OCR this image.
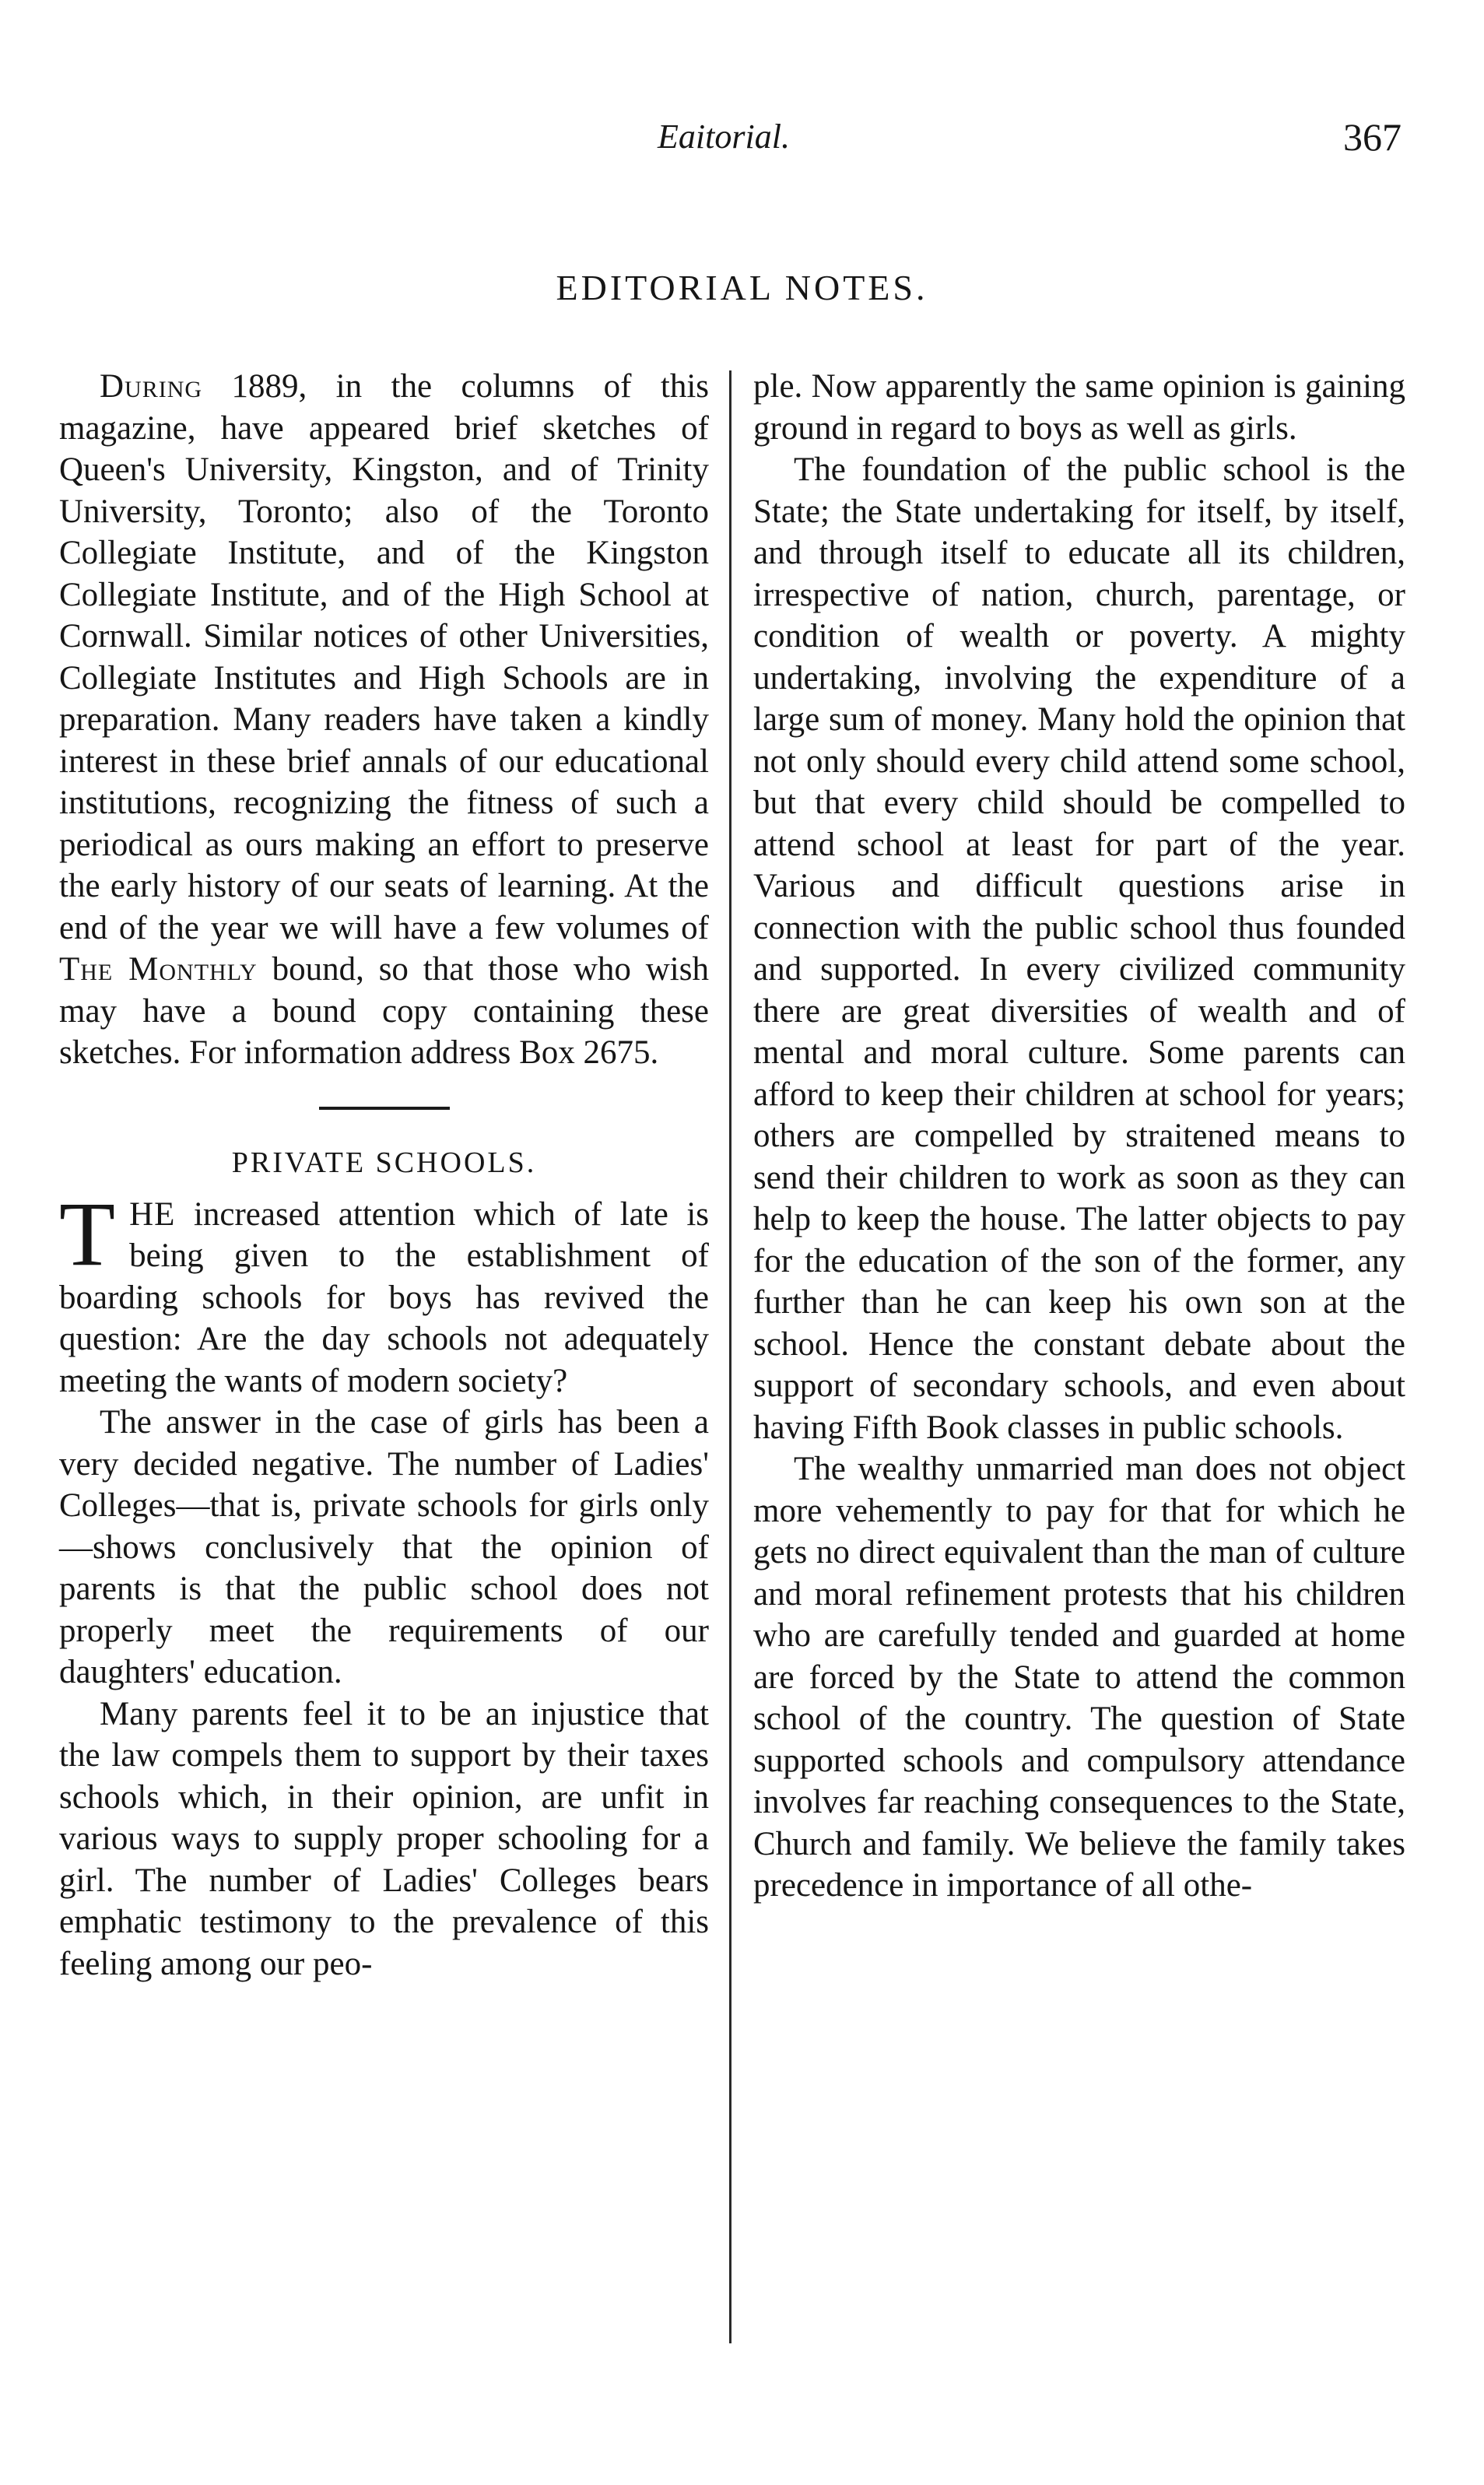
Eaitorial.	367
EDITORIAL NOTES.

During 1889, in the columns of this magazine, have appeared brief sketches of Queen's University, Kingston, and of Trinity University, Toronto; also of the Toronto Collegiate Institute, and of the Kingston Collegiate Institute, and of the High School at Cornwall. Similar notices of other Universities, Collegiate Institutes and High Schools are in preparation. Many readers have taken a kindly interest in these brief annals of our educational institutions, recognizing the fitness of such a periodical as ours making an effort to preserve the early history of our seats of learning. At the end of the year we will have a few volumes of The Monthly bound, so that those who wish may have a bound copy containing these sketches. For information address Box 2675.

PRIVATE SCHOOLS.

THE increased attention which of late is being given to the establishment of boarding schools for boys has revived the question: Are the day schools not adequately meeting the wants of modern society?

The answer in the case of girls has been a very decided negative. The number of Ladies' Colleges—that is, private schools for girls only—shows conclusively that the opinion of parents is that the public school does not properly meet the requirements of our daughters' education.

Many parents feel it to be an injustice that the law compels them to support by their taxes schools which, in their opinion, are unfit in various ways to supply proper schooling for a girl. The number of Ladies' Colleges bears emphatic testimony to the prevalence of this feeling among our peo-

ple. Now apparently the same opinion is gaining ground in regard to boys as well as girls.

The foundation of the public school is the State; the State undertaking for itself, by itself, and through itself to educate all its children, irrespective of nation, church, parentage, or condition of wealth or poverty. A mighty undertaking, involving the expenditure of a large sum of money. Many hold the opinion that not only should every child attend some school, but that every child should be compelled to attend school at least for part of the year. Various and difficult questions arise in connection with the public school thus founded and supported. In every civilized community there are great diversities of wealth and of mental and moral culture. Some parents can afford to keep their children at school for years; others are compelled by straitened means to send their children to work as soon as they can help to keep the house. The latter objects to pay for the education of the son of the former, any further than he can keep his own son at the school. Hence the constant debate about the support of secondary schools, and even about having Fifth Book classes in public schools.

The wealthy unmarried man does not object more vehemently to pay for that for which he gets no direct equivalent than the man of culture and moral refinement protests that his children who are carefully tended and guarded at home are forced by the State to attend the common school of the country. The question of State supported schools and compulsory attendance involves far reaching consequences to the State, Church and family. We believe the family takes precedence in importance of all othe-
